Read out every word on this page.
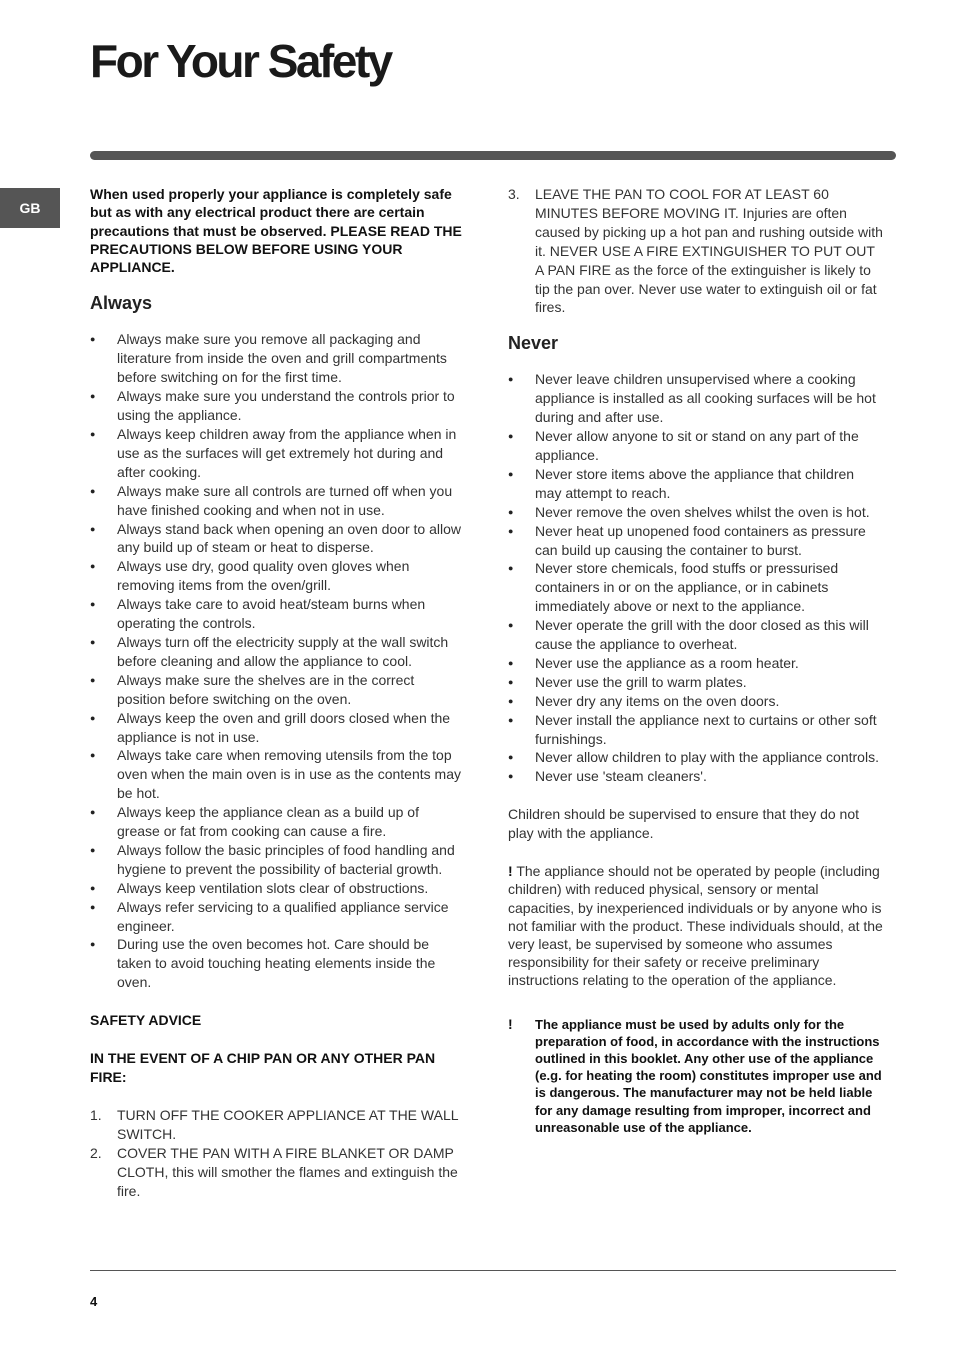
For Your Safety
GB

When used properly your appliance is completely safe but as with any electrical product there are certain precautions that must be observed. PLEASE READ THE PRECAUTIONS BELOW BEFORE USING YOUR APPLIANCE.

Always
● Always make sure you remove all packaging and literature from inside the oven and grill compartments before switching on for the first time.
● Always make sure you understand the controls prior to using the appliance.
● Always keep children away from the appliance when in use as the surfaces will get extremely hot during and after cooking.
● Always make sure all controls are turned off when you have finished cooking and when not in use.
● Always stand back when opening an oven door to allow any build up of steam or heat to disperse.
● Always use dry, good quality oven gloves when removing items from the oven/grill.
● Always take care to avoid heat/steam burns when operating the controls.
● Always turn off the electricity supply at the wall switch before cleaning and allow the appliance to cool.
● Always make sure the shelves are in the correct position before switching on the oven.
● Always keep the oven and grill doors closed when the appliance is not in use.
● Always take care when removing utensils from the top oven when the main oven is in use as the contents may be hot.
● Always keep the appliance clean as a build up of grease or fat from cooking can cause a fire.
● Always follow the basic principles of food handling and hygiene to prevent the possibility of bacterial growth.
● Always keep ventilation slots clear of obstructions.
● Always refer servicing to a qualified appliance service engineer.
● During use the oven becomes hot. Care should be taken to avoid touching heating elements inside the oven.

SAFETY ADVICE

IN THE EVENT OF A CHIP PAN OR ANY OTHER PAN FIRE:

1. TURN OFF THE COOKER APPLIANCE AT THE WALL SWITCH.
2. COVER THE PAN WITH A FIRE BLANKET OR DAMP CLOTH, this will smother the flames and extinguish the fire.
3. LEAVE THE PAN TO COOL FOR AT LEAST 60 MINUTES BEFORE MOVING IT. Injuries are often caused by picking up a hot pan and rushing outside with it. NEVER USE A FIRE EXTINGUISHER TO PUT OUT A PAN FIRE as the force of the extinguisher is likely to tip the pan over. Never use water to extinguish oil or fat fires.
Never
● Never leave children unsupervised where a cooking appliance is installed as all cooking surfaces will be hot during and after use.
● Never allow anyone to sit or stand on any part of the appliance.
● Never store items above the appliance that children may attempt to reach.
● Never remove the oven shelves whilst the oven is hot.
● Never heat up unopened food containers as pressure can build up causing the container to burst.
● Never store chemicals, food stuffs or pressurised containers in or on the appliance, or in cabinets immediately above or next to the appliance.
● Never operate the grill with the door closed as this will cause the appliance to overheat.
● Never use the appliance as a room heater.
● Never use the grill to warm plates.
● Never dry any items on the oven doors.
● Never install the appliance next to curtains or other soft furnishings.
● Never allow children to play with the appliance controls.
● Never use 'steam cleaners'.

Children should be supervised to ensure that they do not play with the appliance.

! The appliance should not be operated by people (including children) with reduced physical, sensory or mental capacities, by inexperienced individuals or by anyone who is not familiar with the product. These individuals should, at the very least, be supervised by someone who assumes responsibility for their safety or receive preliminary instructions relating to the operation of the appliance.

! The appliance must be used by adults only for the preparation of food, in accordance with the instructions outlined in this booklet. Any other use of the appliance (e.g. for heating the room) constitutes improper use and is dangerous. The manufacturer may not be held liable for any damage resulting from improper, incorrect and unreasonable use of the appliance.
4
